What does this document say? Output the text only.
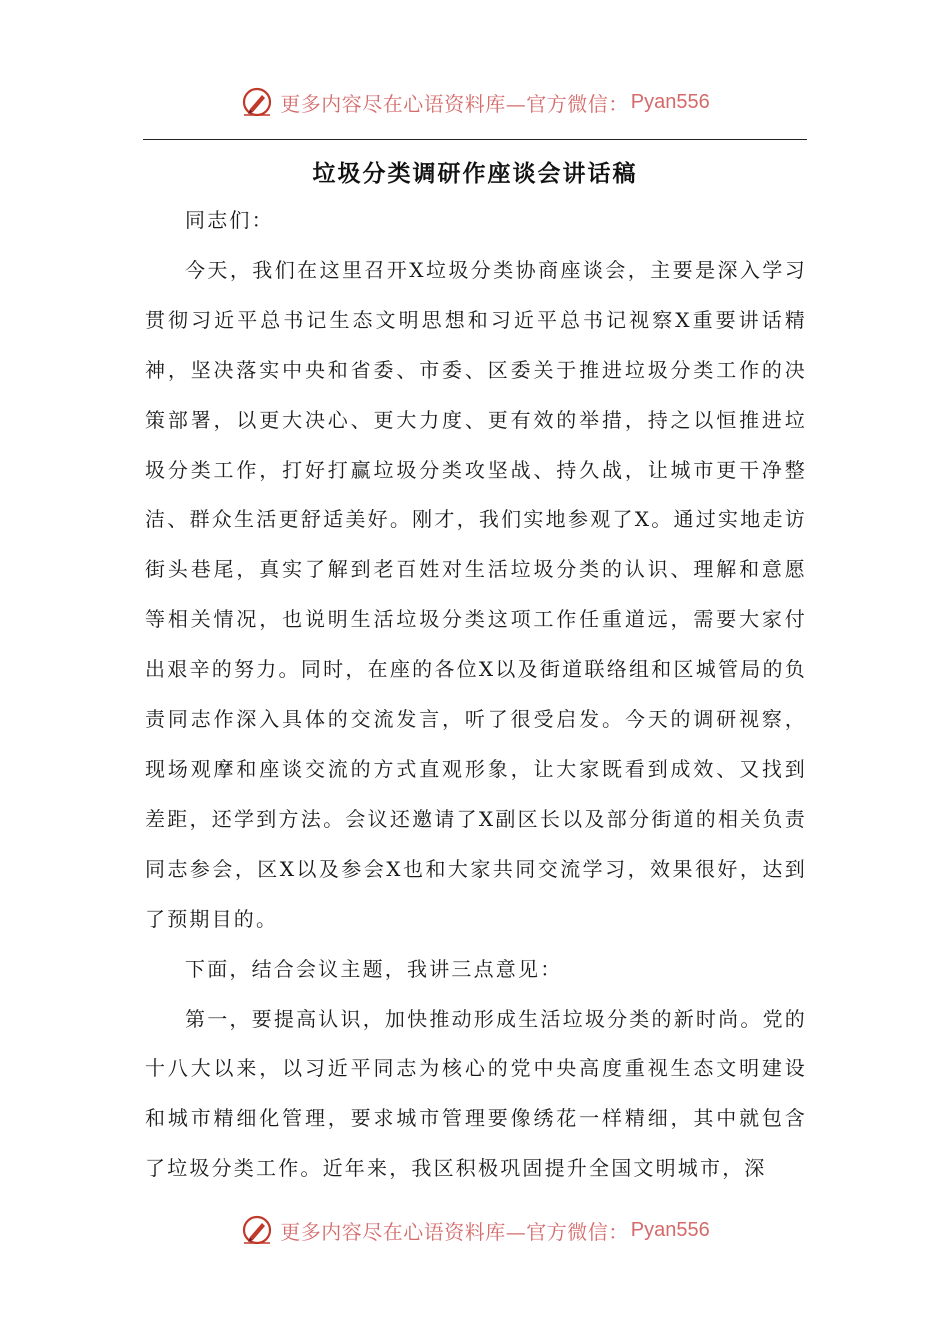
更多内容尽在心语资料库—官方微信： Pyan556
垃圾分类调研作座谈会讲话稿

同志们：

今天，我们在这里召开X垃圾分类协商座谈会，主要是深入学习贯彻习近平总书记生态文明思想和习近平总书记视察X重要讲话精神，坚决落实中央和省委、市委、区委关于推进垃圾分类工作的决策部署，以更大决心、更大力度、更有效的举措，持之以恒推进垃圾分类工作，打好打赢垃圾分类攻坚战、持久战，让城市更干净整洁、群众生活更舒适美好。刚才，我们实地参观了X。通过实地走访街头巷尾，真实了解到老百姓对生活垃圾分类的认识、理解和意愿等相关情况，也说明生活垃圾分类这项工作任重道远，需要大家付出艰辛的努力。同时，在座的各位X以及街道联络组和区城管局的负责同志作深入具体的交流发言，听了很受启发。今天的调研视察，现场观摩和座谈交流的方式直观形象，让大家既看到成效、又找到差距，还学到方法。会议还邀请了X副区长以及部分街道的相关负责同志参会，区X以及参会X也和大家共同交流学习，效果很好，达到了预期目的。

下面，结合会议主题，我讲三点意见：

第一，要提高认识，加快推动形成生活垃圾分类的新时尚。党的十八大以来，以习近平同志为核心的党中央高度重视生态文明建设和城市精细化管理，要求城市管理要像绣花一样精细，其中就包含了垃圾分类工作。近年来，我区积极巩固提升全国文明城市，深

更多内容尽在心语资料库—官方微信： Pyan556
